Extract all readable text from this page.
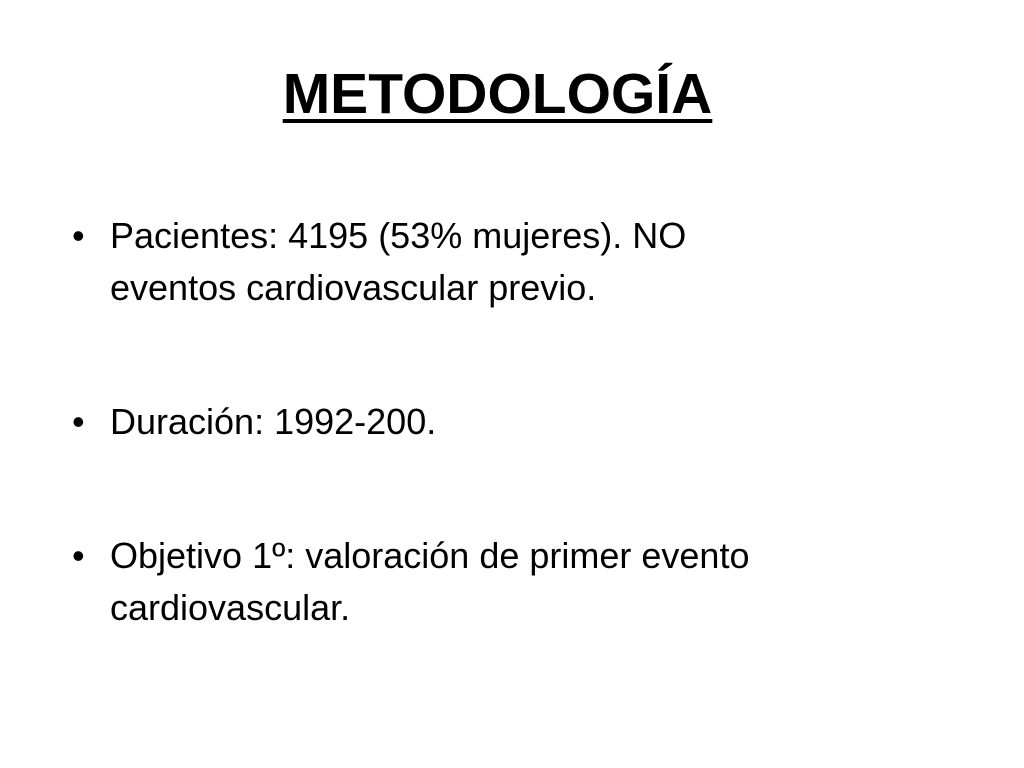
METODOLOGÍA
• Pacientes: 4195 (53% mujeres). NO
eventos cardiovascular previo.
• Duración: 1992-200.
• Objetivo 1º: valoración de primer evento
cardiovascular.
